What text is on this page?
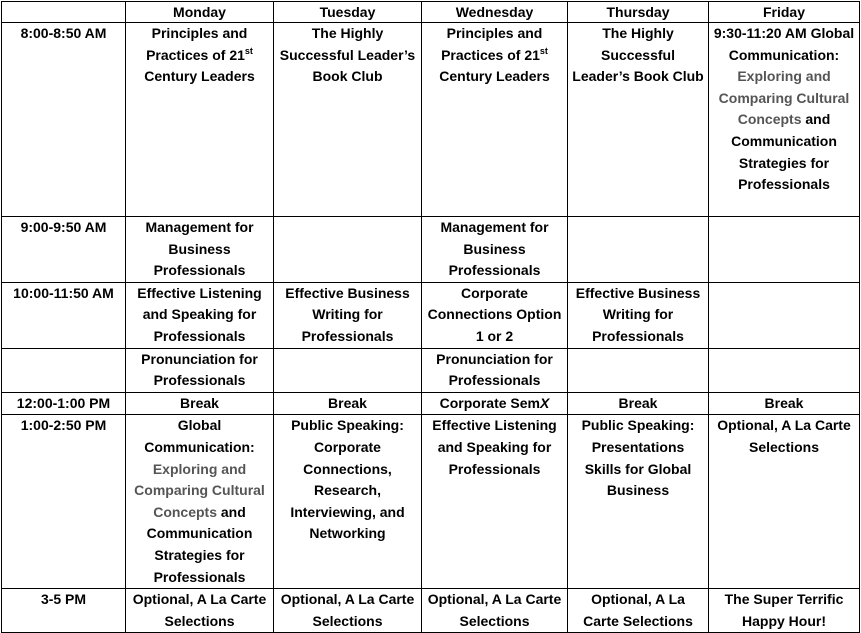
	Monday	Tuesday	Wednesday	Thursday	Friday
8:00-8:50 AM	Principles and Practices of 21st Century Leaders	The Highly Successful Leader’s Book Club	Principles and Practices of 21st Century Leaders	The Highly Successful Leader’s Book Club	9:30-11:20 AM Global Communication: Exploring and Comparing Cultural Concepts and Communication Strategies for Professionals
9:00-9:50 AM	Management for Business Professionals		Management for Business Professionals		
10:00-11:50 AM	Effective Listening and Speaking for Professionals	Effective Business Writing for Professionals	Corporate Connections Option 1 or 2	Effective Business Writing for Professionals	
	Pronunciation for Professionals		Pronunciation for Professionals		
12:00-1:00 PM	Break	Break	Corporate SemX	Break	Break
1:00-2:50 PM	Global Communication: Exploring and Comparing Cultural Concepts and Communication Strategies for Professionals	Public Speaking: Corporate Connections, Research, Interviewing, and Networking	Effective Listening and Speaking for Professionals	Public Speaking: Presentations Skills for Global Business	Optional, A La Carte Selections
3-5 PM	Optional, A La Carte Selections	Optional, A La Carte Selections	Optional, A La Carte Selections	Optional, A La Carte Selections	The Super Terrific Happy Hour!
